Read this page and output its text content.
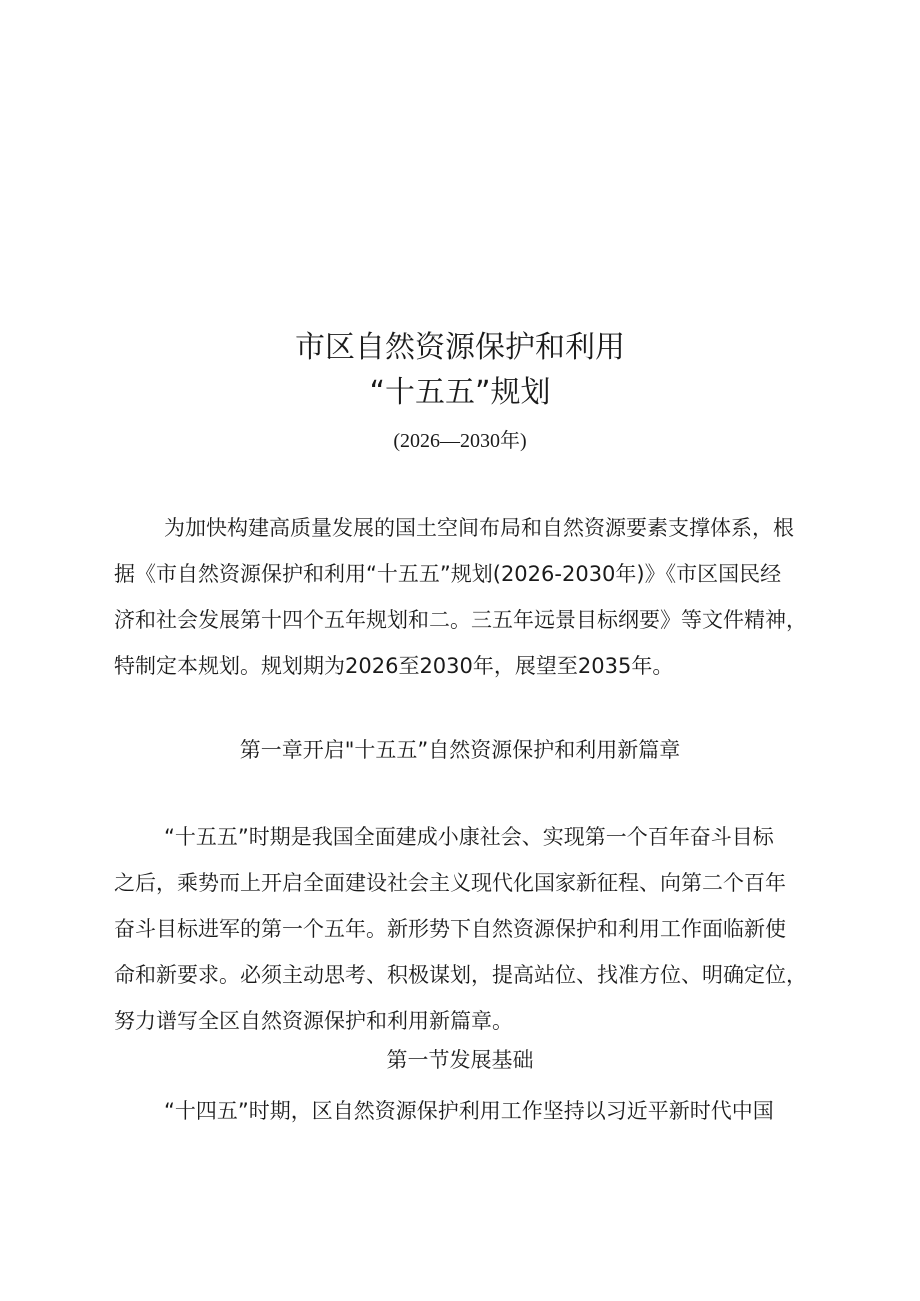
市区自然资源保护和利用
“十五五”规划
(2026—2030年)
为加快构建高质量发展的国土空间布局和自然资源要素支撑体系，根
据《市自然资源保护和利用“十五五”规划(2026-2030年)》《市区国民经
济和社会发展第十四个五年规划和二。三五年远景目标纲要》等文件精神，
特制定本规划。规划期为2026至2030年，展望至2035年。
第一章开启"十五五”自然资源保护和利用新篇章
“十五五”时期是我国全面建成小康社会、实现第一个百年奋斗目标
之后，乘势而上开启全面建设社会主义现代化国家新征程、向第二个百年
奋斗目标进军的第一个五年。新形势下自然资源保护和利用工作面临新使
命和新要求。必须主动思考、积极谋划，提高站位、找准方位、明确定位，
努力谱写全区自然资源保护和利用新篇章。
第一节发展基础
“十四五”时期，区自然资源保护利用工作坚持以习近平新时代中国
